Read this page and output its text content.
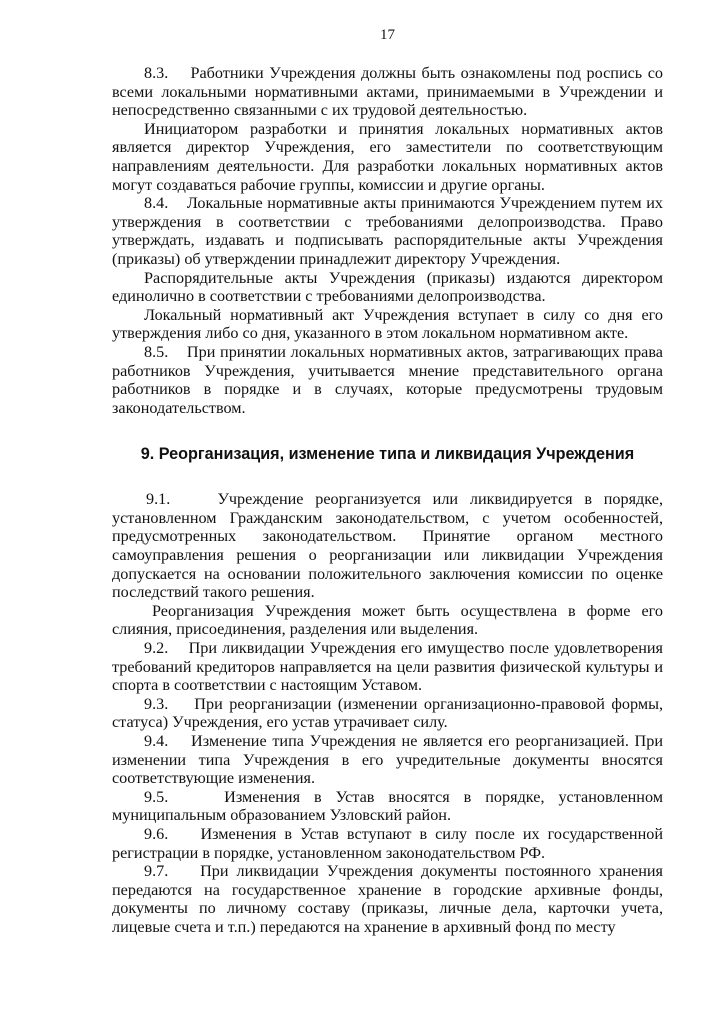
17

8.3.    Работники Учреждения должны быть ознакомлены под роспись со всеми локальными нормативными актами, принимаемыми в Учреждении и непосредственно связанными с их трудовой деятельностью.

Инициатором разработки и принятия локальных нормативных актов является директор Учреждения, его заместители по соответствующим направлениям деятельности. Для разработки локальных нормативных актов могут создаваться рабочие группы, комиссии и другие органы.

8.4.    Локальные нормативные акты принимаются Учреждением путем их утверждения в соответствии с требованиями делопроизводства. Право утверждать, издавать и подписывать распорядительные акты Учреждения (приказы) об утверждении принадлежит директору Учреждения.

Распорядительные акты Учреждения (приказы) издаются директором единолично в соответствии с требованиями делопроизводства.

Локальный нормативный акт Учреждения вступает в силу со дня его утверждения либо со дня, указанного в этом локальном нормативном акте.

8.5.    При принятии локальных нормативных актов, затрагивающих права работников Учреждения, учитывается мнение представительного органа работников в порядке и в случаях, которые предусмотрены трудовым законодательством.

9. Реорганизация, изменение типа и ликвидация Учреждения

9.1.    Учреждение реорганизуется или ликвидируется в порядке, установленном Гражданским законодательством, с учетом особенностей, предусмотренных законодательством. Принятие органом местного самоуправления решения о реорганизации или ликвидации Учреждения допускается на основании положительного заключения комиссии по оценке последствий такого решения.

Реорганизация Учреждения может быть осуществлена в форме его слияния, присоединения, разделения или выделения.

9.2.    При ликвидации Учреждения его имущество после удовлетворения требований кредиторов направляется на цели развития физической культуры и спорта в соответствии с настоящим Уставом.

9.3.    При реорганизации (изменении организационно-правовой формы, статуса) Учреждения, его устав утрачивает силу.

9.4.    Изменение типа Учреждения не является его реорганизацией. При изменении типа Учреждения в его учредительные документы вносятся соответствующие изменения.

9.5.    Изменения в Устав вносятся в порядке, установленном муниципальным образованием Узловский район.

9.6.    Изменения в Устав вступают в силу после их государственной регистрации в порядке, установленном законодательством РФ.

9.7.    При ликвидации Учреждения документы постоянного хранения передаются на государственное хранение в городские архивные фонды, документы по личному составу (приказы, личные дела, карточки учета, лицевые счета и т.п.) передаются на хранение в архивный фонд по месту
